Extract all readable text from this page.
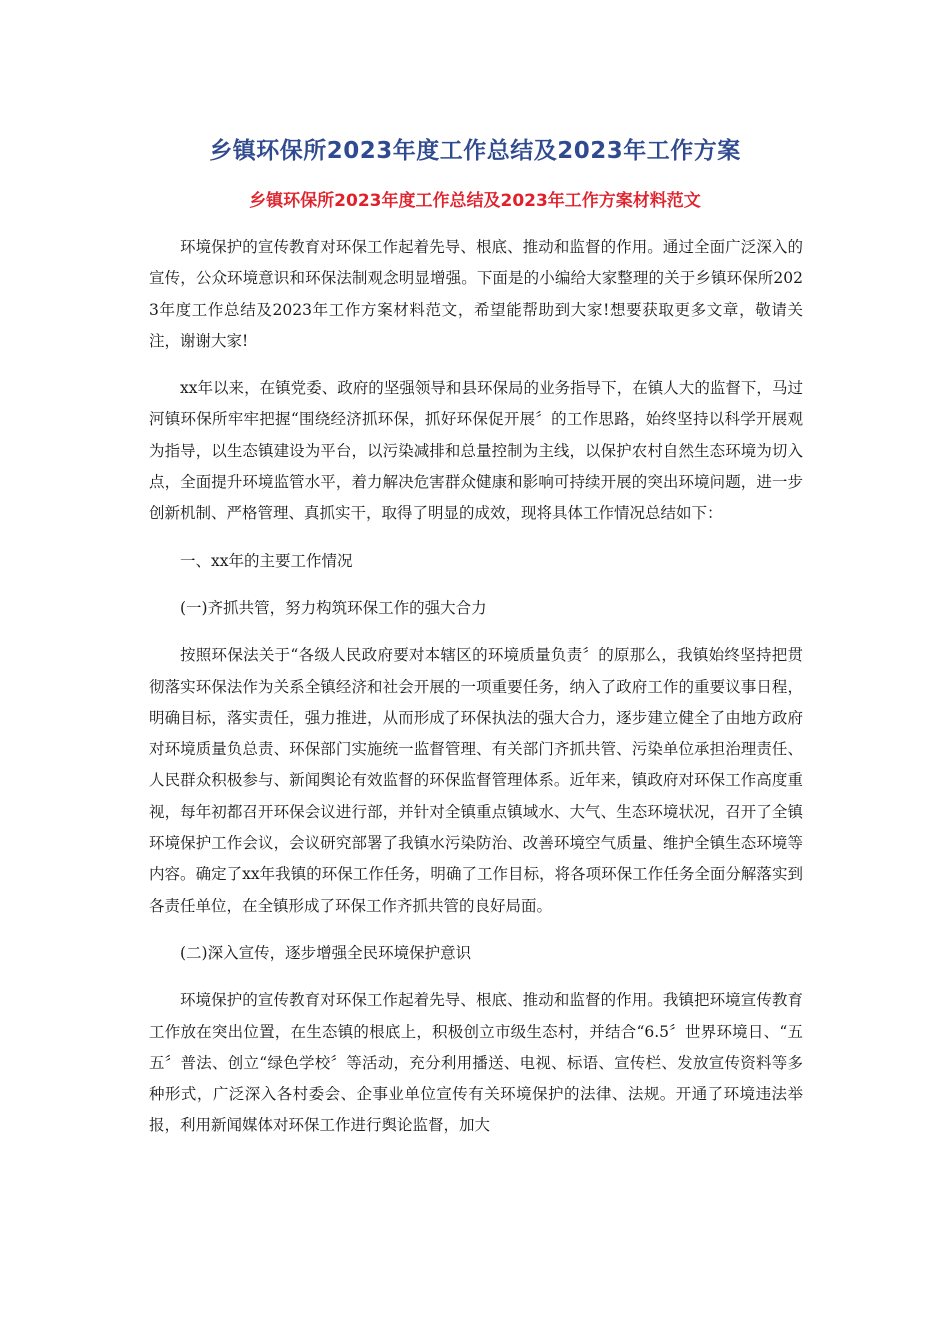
乡镇环保所2023年度工作总结及2023年工作方案
乡镇环保所2023年度工作总结及2023年工作方案材料范文

环境保护的宣传教育对环保工作起着先导、根底、推动和监督的作用。通过全面广泛深入的宣传，公众环境意识和环保法制观念明显增强。下面是的小编给大家整理的关于乡镇环保所2023年度工作总结及2023年工作方案材料范文，希望能帮助到大家!想要获取更多文章，敬请关注，谢谢大家!

xx年以来，在镇党委、政府的坚强领导和县环保局的业务指导下，在镇人大的监督下，马过河镇环保所牢牢把握“围绕经济抓环保，抓好环保促开展〞的工作思路，始终坚持以科学开展观为指导，以生态镇建设为平台，以污染减排和总量控制为主线，以保护农村自然生态环境为切入点，全面提升环境监管水平，着力解决危害群众健康和影响可持续开展的突出环境问题，进一步创新机制、严格管理、真抓实干，取得了明显的成效，现将具体工作情况总结如下：

一、xx年的主要工作情况

(一)齐抓共管，努力构筑环保工作的强大合力

按照环保法关于“各级人民政府要对本辖区的环境质量负责〞的原那么，我镇始终坚持把贯彻落实环保法作为关系全镇经济和社会开展的一项重要任务，纳入了政府工作的重要议事日程，明确目标，落实责任，强力推进，从而形成了环保执法的强大合力，逐步建立健全了由地方政府对环境质量负总责、环保部门实施统一监督管理、有关部门齐抓共管、污染单位承担治理责任、人民群众积极参与、新闻舆论有效监督的环保监督管理体系。近年来，镇政府对环保工作高度重视，每年初都召开环保会议进行部，并针对全镇重点镇域水、大气、生态环境状况，召开了全镇环境保护工作会议，会议研究部署了我镇水污染防治、改善环境空气质量、维护全镇生态环境等内容。确定了xx年我镇的环保工作任务，明确了工作目标，将各项环保工作任务全面分解落实到各责任单位，在全镇形成了环保工作齐抓共管的良好局面。

(二)深入宣传，逐步增强全民环境保护意识

环境保护的宣传教育对环保工作起着先导、根底、推动和监督的作用。我镇把环境宣传教育工作放在突出位置，在生态镇的根底上，积极创立市级生态村，并结合“6.5〞世界环境日、“五五〞普法、创立“绿色学校〞等活动，充分利用播送、电视、标语、宣传栏、发放宣传资料等多种形式，广泛深入各村委会、企事业单位宣传有关环境保护的法律、法规。开通了环境违法举报，利用新闻媒体对环保工作进行舆论监督，加大
